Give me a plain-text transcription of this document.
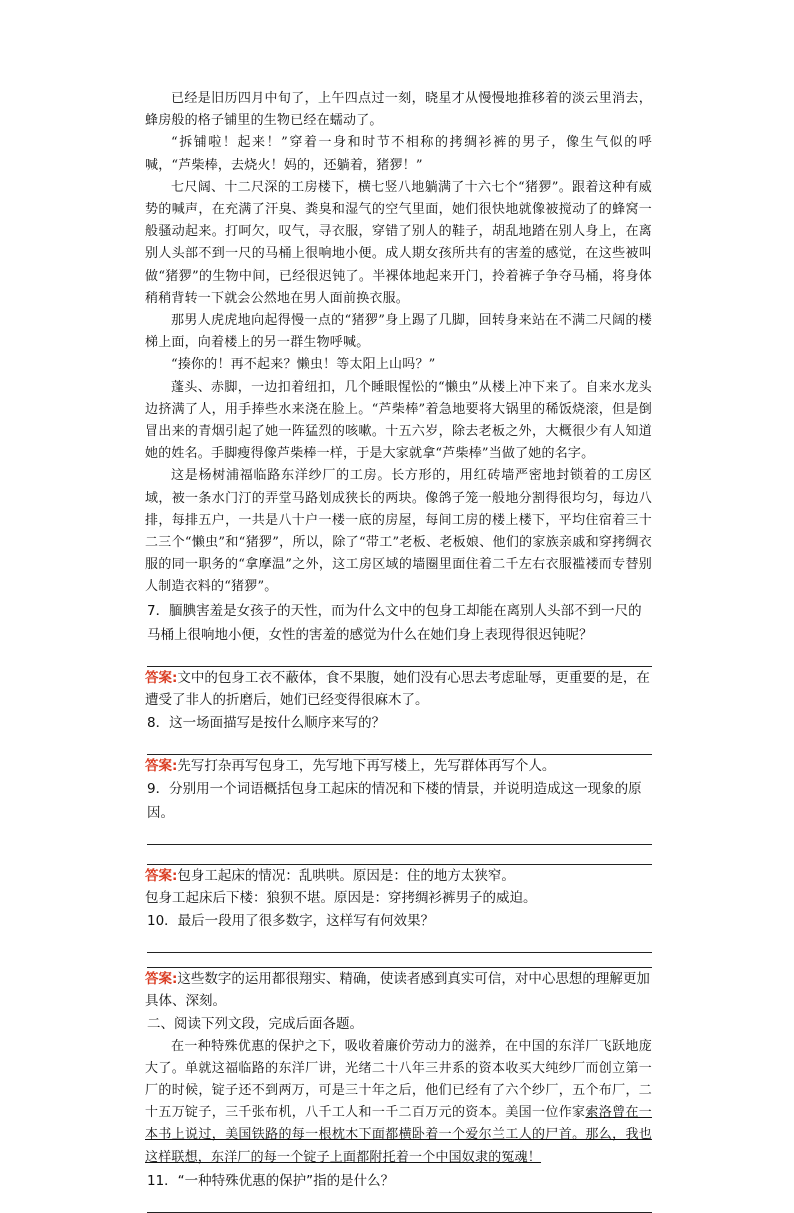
已经是旧历四月中旬了，上午四点过一刻，晓星才从慢慢地推移着的淡云里消去，蜂房般的格子铺里的生物已经在蠕动了。

“拆铺啦！起来！”穿着一身和时节不相称的拷绸衫裤的男子，像生气似的呼喊，“芦柴棒，去烧火！妈的，还躺着，猪猡！”

七尺阔、十二尺深的工房楼下，横七竖八地躺满了十六七个“猪猡”。跟着这种有威势的喊声，在充满了汗臭、粪臭和湿气的空气里面，她们很快地就像被搅动了的蜂窝一般骚动起来。打呵欠，叹气，寻衣服，穿错了别人的鞋子，胡乱地踏在别人身上，在离别人头部不到一尺的马桶上很响地小便。成人期女孩所共有的害羞的感觉，在这些被叫做“猪猡”的生物中间，已经很迟钝了。半裸体地起来开门，拎着裤子争夺马桶，将身体稍稍背转一下就会公然地在男人面前换衣服。

那男人虎虎地向起得慢一点的“猪猡”身上踢了几脚，回转身来站在不满二尺阔的楼梯上面，向着楼上的另一群生物呼喊。

“揍你的！再不起来？懒虫！等太阳上山吗？”

蓬头、赤脚，一边扣着纽扣，几个睡眼惺忪的“懒虫”从楼上冲下来了。自来水龙头边挤满了人，用手捧些水来浇在脸上。“芦柴棒”着急地要将大锅里的稀饭烧滚，但是倒冒出来的青烟引起了她一阵猛烈的咳嗽。十五六岁，除去老板之外，大概很少有人知道她的姓名。手脚瘦得像芦柴棒一样，于是大家就拿“芦柴棒”当做了她的名字。

这是杨树浦福临路东洋纱厂的工房。长方形的，用红砖墙严密地封锁着的工房区域，被一条水门汀的弄堂马路划成狭长的两块。像鸽子笼一般地分割得很均匀，每边八排，每排五户，一共是八十户一楼一底的房屋，每间工房的楼上楼下，平均住宿着三十二三个“懒虫”和“猪猡”，所以，除了“带工”老板、老板娘、他们的家族亲戚和穿拷绸衣服的同一职务的“拿摩温”之外，这工房区域的墙圈里面住着二千左右衣服褴褛而专替别人制造衣料的“猪猡”。

7．腼腆害羞是女孩子的天性，而为什么文中的包身工却能在离别人头部不到一尺的马桶上很响地小便，女性的害羞的感觉为什么在她们身上表现得很迟钝呢？

答案:文中的包身工衣不蔽体，食不果腹，她们没有心思去考虑耻辱，更重要的是，在遭受了非人的折磨后，她们已经变得很麻木了。

8．这一场面描写是按什么顺序来写的？

答案:先写打杂再写包身工，先写地下再写楼上，先写群体再写个人。

9．分别用一个词语概括包身工起床的情况和下楼的情景，并说明造成这一现象的原因。

答案:包身工起床的情况：乱哄哄。原因是：住的地方太狭窄。

包身工起床后下楼：狼狈不堪。原因是：穿拷绸衫裤男子的威迫。

10．最后一段用了很多数字，这样写有何效果？

答案:这些数字的运用都很翔实、精确，使读者感到真实可信，对中心思想的理解更加具体、深刻。

二、阅读下列文段，完成后面各题。

在一种特殊优惠的保护之下，吸收着廉价劳动力的滋养，在中国的东洋厂飞跃地庞大了。单就这福临路的东洋厂讲，光绪二十八年三井系的资本收买大纯纱厂而创立第一厂的时候，锭子还不到两万，可是三十年之后，他们已经有了六个纱厂，五个布厂，二十五万锭子，三千张布机，八千工人和一千二百万元的资本。美国一位作家索洛曾在一本书上说过，美国铁路的每一根枕木下面都横卧着一个爱尔兰工人的尸首。那么，我也这样联想，东洋厂的每一个锭子上面都附托着一个中国奴隶的冤魂！

11．“一种特殊优惠的保护”指的是什么？
